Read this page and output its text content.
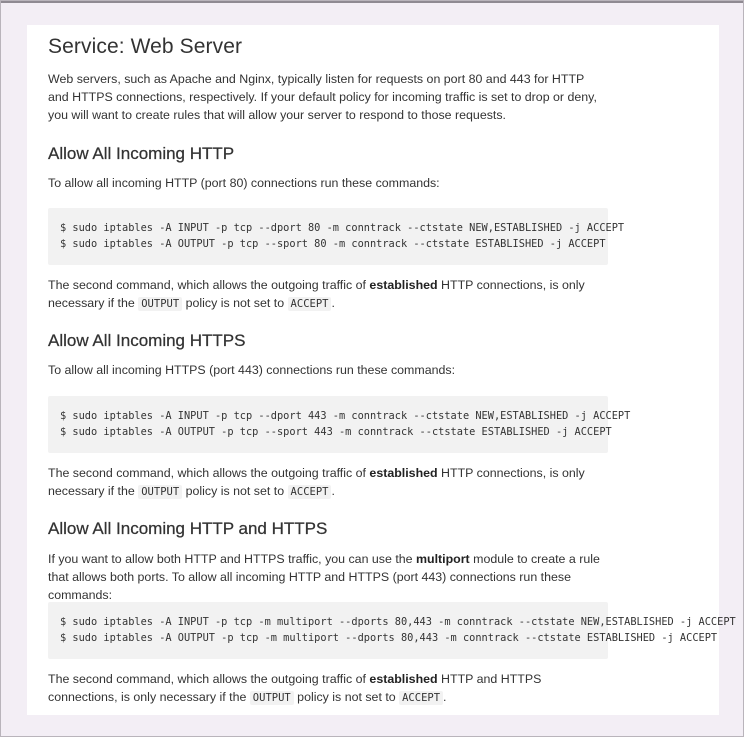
Service: Web Server

Web servers, such as Apache and Nginx, typically listen for requests on port 80 and 443 for HTTP and HTTPS connections, respectively. If your default policy for incoming traffic is set to drop or deny, you will want to create rules that will allow your server to respond to those requests.

Allow All Incoming HTTP

To allow all incoming HTTP (port 80) connections run these commands:

$ sudo iptables -A INPUT -p tcp --dport 80 -m conntrack --ctstate NEW,ESTABLISHED -j ACCEPT
$ sudo iptables -A OUTPUT -p tcp --sport 80 -m conntrack --ctstate ESTABLISHED -j ACCEPT

The second command, which allows the outgoing traffic of established HTTP connections, is only necessary if the OUTPUT policy is not set to ACCEPT .

Allow All Incoming HTTPS

To allow all incoming HTTPS (port 443) connections run these commands:

$ sudo iptables -A INPUT -p tcp --dport 443 -m conntrack --ctstate NEW,ESTABLISHED -j ACCEPT
$ sudo iptables -A OUTPUT -p tcp --sport 443 -m conntrack --ctstate ESTABLISHED -j ACCEPT

The second command, which allows the outgoing traffic of established HTTP connections, is only necessary if the OUTPUT policy is not set to ACCEPT .

Allow All Incoming HTTP and HTTPS

If you want to allow both HTTP and HTTPS traffic, you can use the multiport module to create a rule that allows both ports. To allow all incoming HTTP and HTTPS (port 443) connections run these commands:

$ sudo iptables -A INPUT -p tcp -m multiport --dports 80,443 -m conntrack --ctstate NEW,ESTABLISHED -j ACCEPT
$ sudo iptables -A OUTPUT -p tcp -m multiport --dports 80,443 -m conntrack --ctstate ESTABLISHED -j ACCEPT

The second command, which allows the outgoing traffic of established HTTP and HTTPS connections, is only necessary if the OUTPUT policy is not set to ACCEPT .
